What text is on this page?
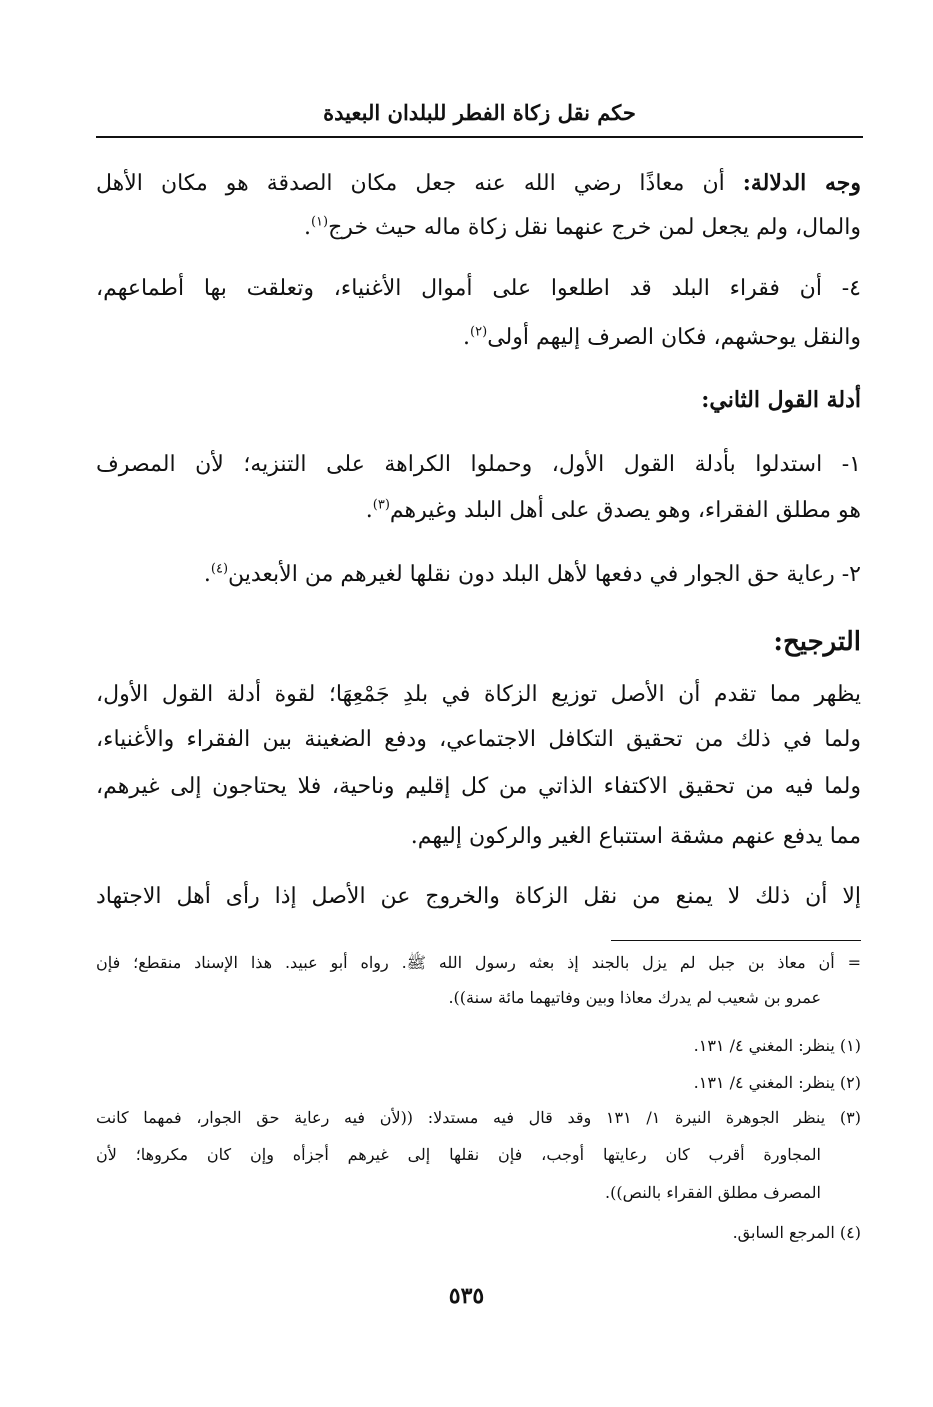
حكم نقل زكاة الفطر للبلدان البعيدة
وجه الدلالة: أن معاذًا رضي الله عنه جعل مكان الصدقة هو مكان الأهل
والمال، ولم يجعل لمن خرج عنهما نقل زكاة ماله حيث خرج$^{(١)}$.
٤- أن فقراء البلد قد اطلعوا على أموال الأغنياء، وتعلقت بها أطماعهم،
والنقل يوحشهم، فكان الصرف إليهم أولى$^{(٢)}$.
أدلة القول الثاني:
١- استدلوا بأدلة القول الأول، وحملوا الكراهة على التنزيه؛ لأن المصرف
هو مطلق الفقراء، وهو يصدق على أهل البلد وغيرهم$^{(٣)}$.
٢- رعاية حق الجوار في دفعها لأهل البلد دون نقلها لغيرهم من الأبعدين$^{(٤)}$.
الترجيح:
يظهر مما تقدم أن الأصل توزيع الزكاة في بلدِ جَمْعِهَا؛ لقوة أدلة القول الأول،
ولما في ذلك من تحقيق التكافل الاجتماعي، ودفع الضغينة بين الفقراء والأغنياء،
ولما فيه من تحقيق الاكتفاء الذاتي من كل إقليم وناحية، فلا يحتاجون إلى غيرهم،
مما يدفع عنهم مشقة استتباع الغير والركون إليهم.
إلا أن ذلك لا يمنع من نقل الزكاة والخروج عن الأصل إذا رأى أهل الاجتهاد
= أن معاذ بن جبل لم يزل بالجند إذ بعثه رسول الله ﷺ. رواه أبو عبيد. هذا الإسناد منقطع؛ فإن
عمرو بن شعيب لم يدرك معاذا وبين وفاتيهما مائة سنة)).
(١) ينظر: المغني ٤/ ١٣١.
(٢) ينظر: المغني ٤/ ١٣١.
(٣) ينظر الجوهرة النيرة ١/ ١٣١ وقد قال فيه مستدلا: ((لأن فيه رعاية حق الجوار، فمهما كانت
المجاورة أقرب كان رعايتها أوجب، فإن نقلها إلى غيرهم أجزأه وإن كان مكروها؛ لأن
المصرف مطلق الفقراء بالنص)).
(٤) المرجع السابق.
٥٣٥
